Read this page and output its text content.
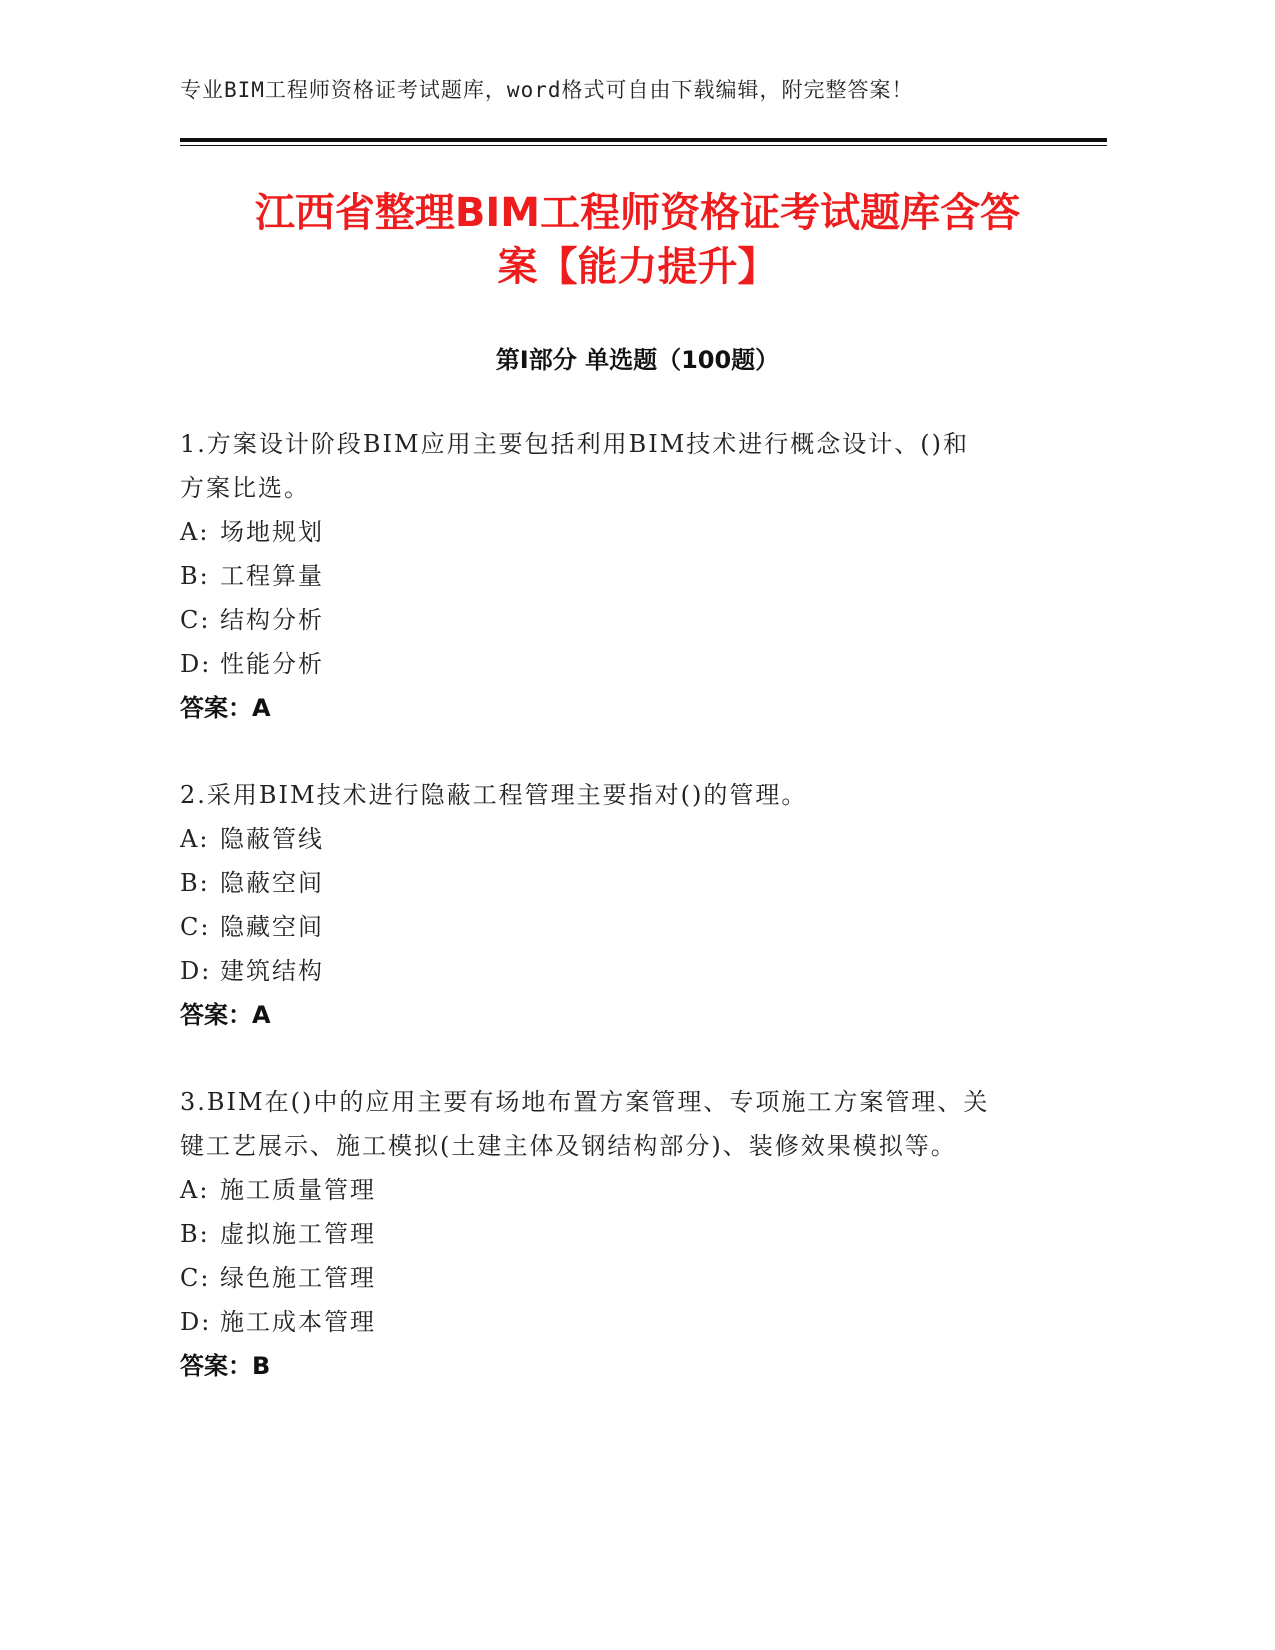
专业BIM工程师资格证考试题库，word格式可自由下载编辑，附完整答案！
江西省整理BIM工程师资格证考试题库含答
案【能力提升】
第Ⅰ部分 单选题（100题）
1.方案设计阶段BIM应用主要包括利用BIM技术进行概念设计、()和
方案比选。
A: 场地规划
B: 工程算量
C: 结构分析
D: 性能分析
答案：A
2.采用BIM技术进行隐蔽工程管理主要指对()的管理。
A: 隐蔽管线
B: 隐蔽空间
C: 隐藏空间
D: 建筑结构
答案：A
3.BIM在()中的应用主要有场地布置方案管理、专项施工方案管理、关
键工艺展示、施工模拟(土建主体及钢结构部分)、装修效果模拟等。
A: 施工质量管理
B: 虚拟施工管理
C: 绿色施工管理
D: 施工成本管理
答案：B
